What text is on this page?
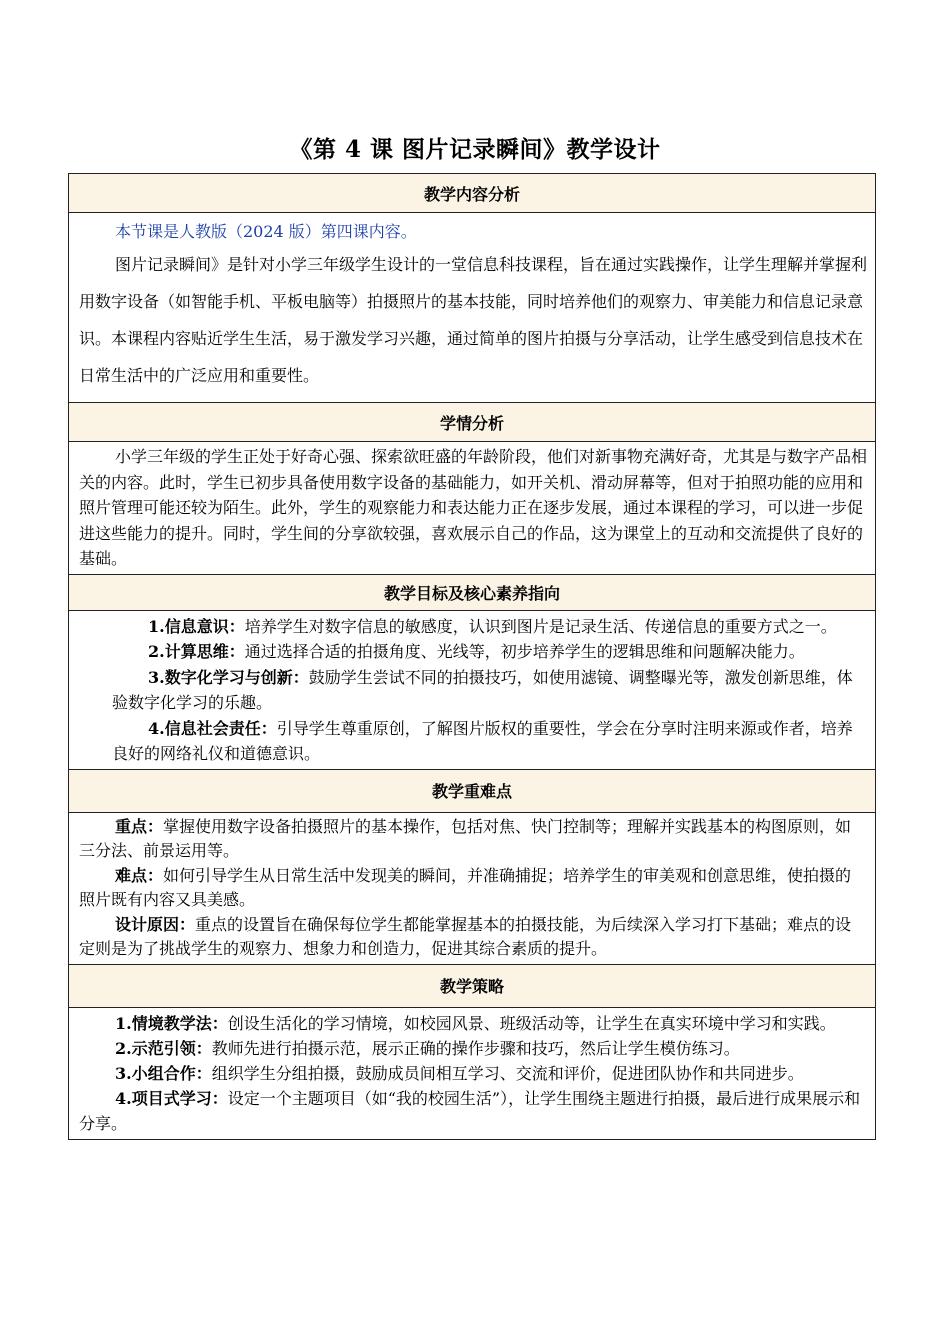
《第 4 课 图片记录瞬间》教学设计
教学内容分析

本节课是人教版（2024 版）第四课内容。

图片记录瞬间》是针对小学三年级学生设计的一堂信息科技课程，旨在通过实践操作，让学生理解并掌握利用数字设备（如智能手机、平板电脑等）拍摄照片的基本技能，同时培养他们的观察力、审美能力和信息记录意识。本课程内容贴近学生生活，易于激发学习兴趣，通过简单的图片拍摄与分享活动，让学生感受到信息技术在日常生活中的广泛应用和重要性。

学情分析

小学三年级的学生正处于好奇心强、探索欲旺盛的年龄阶段，他们对新事物充满好奇，尤其是与数字产品相关的内容。此时，学生已初步具备使用数字设备的基础能力，如开关机、滑动屏幕等，但对于拍照功能的应用和照片管理可能还较为陌生。此外，学生的观察能力和表达能力正在逐步发展，通过本课程的学习，可以进一步促进这些能力的提升。同时，学生间的分享欲较强，喜欢展示自己的作品，这为课堂上的互动和交流提供了良好的基础。

教学目标及核心素养指向

1.信息意识：培养学生对数字信息的敏感度，认识到图片是记录生活、传递信息的重要方式之一。

2.计算思维：通过选择合适的拍摄角度、光线等，初步培养学生的逻辑思维和问题解决能力。

3.数字化学习与创新：鼓励学生尝试不同的拍摄技巧，如使用滤镜、调整曝光等，激发创新思维，体验数字化学习的乐趣。

4.信息社会责任：引导学生尊重原创，了解图片版权的重要性，学会在分享时注明来源或作者，培养良好的网络礼仪和道德意识。

教学重难点

重点：掌握使用数字设备拍摄照片的基本操作，包括对焦、快门控制等；理解并实践基本的构图原则，如三分法、前景运用等。

难点：如何引导学生从日常生活中发现美的瞬间，并准确捕捉；培养学生的审美观和创意思维，使拍摄的照片既有内容又具美感。

设计原因：重点的设置旨在确保每位学生都能掌握基本的拍摄技能，为后续深入学习打下基础；难点的设定则是为了挑战学生的观察力、想象力和创造力，促进其综合素质的提升。

教学策略

1.情境教学法：创设生活化的学习情境，如校园风景、班级活动等，让学生在真实环境中学习和实践。

2.示范引领：教师先进行拍摄示范，展示正确的操作步骤和技巧，然后让学生模仿练习。

3.小组合作：组织学生分组拍摄，鼓励成员间相互学习、交流和评价，促进团队协作和共同进步。

4.项目式学习：设定一个主题项目（如“我的校园生活”），让学生围绕主题进行拍摄，最后进行成果展示和分享。
